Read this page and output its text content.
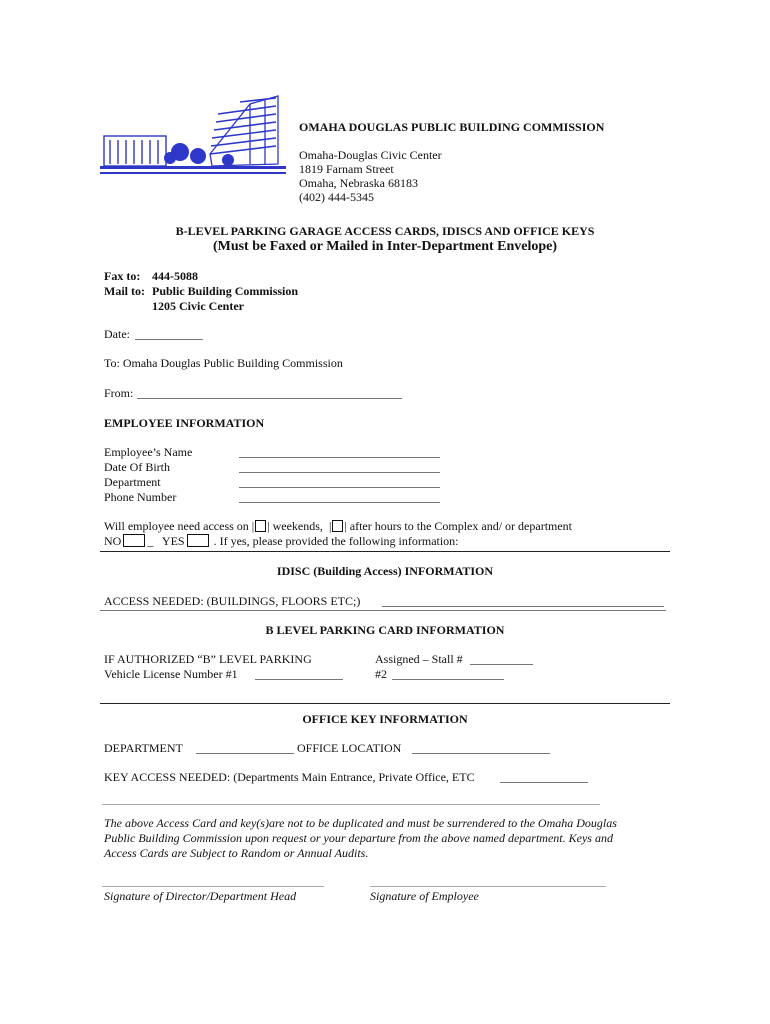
OMAHA DOUGLAS PUBLIC BUILDING COMMISSION
Omaha-Douglas Civic Center
1819 Farnam Street
Omaha, Nebraska 68183
(402) 444-5345
B-LEVEL PARKING GARAGE ACCESS CARDS, IDISCS AND OFFICE KEYS
(Must be Faxed or Mailed in Inter-Department Envelope)
Fax to: 444-5088
Mail to: Public Building Commission
1205 Civic Center
Date:
To: Omaha Douglas Public Building Commission
From:
EMPLOYEE INFORMATION
Employee’s Name
Date Of Birth
Department
Phone Number
Will employee need access on | | weekends,  | | after hours to the Complex and/ or department
NO _   YES . If yes, please provided the following information:
IDISC (Building Access) INFORMATION
ACCESS NEEDED: (BUILDINGS, FLOORS ETC;)
B LEVEL PARKING CARD INFORMATION
IF AUTHORIZED “B” LEVEL PARKING
Vehicle License Number #1
Assigned – Stall #
#2
OFFICE KEY INFORMATION
DEPARTMENT	OFFICE LOCATION
KEY ACCESS NEEDED: (Departments Main Entrance, Private Office, ETC
The above Access Card and key(s)are not to be duplicated and must be surrendered to the Omaha Douglas
Public Building Commission upon request or your departure from the above named department. Keys and
Access Cards are Subject to Random or Annual Audits.
Signature of Director/Department Head	Signature of Employee
